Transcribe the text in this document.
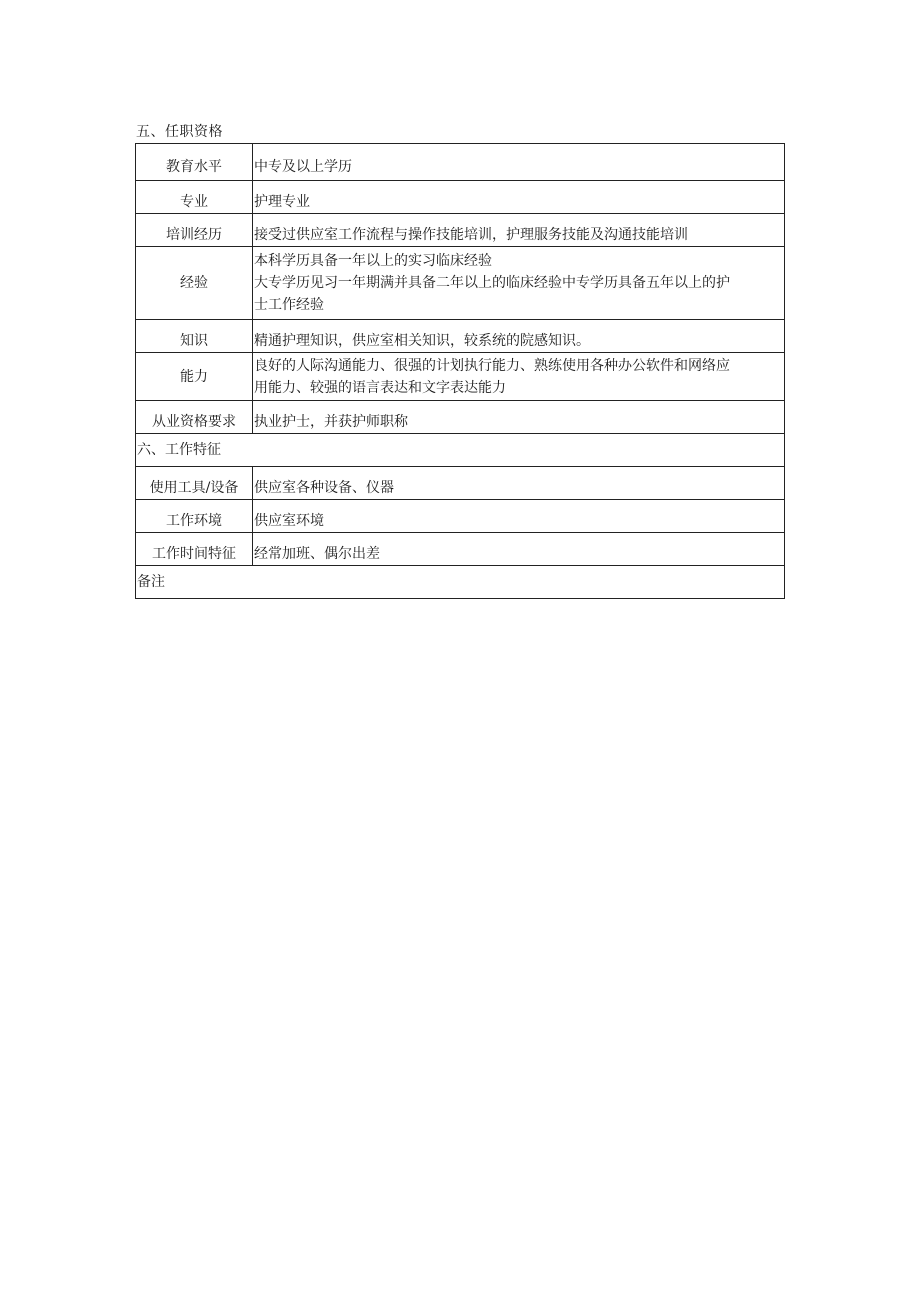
五、任职资格
教育水平	中专及以上学历
专业	护理专业
培训经历	接受过供应室工作流程与操作技能培训，护理服务技能及沟通技能培训
经验	本科学历具备一年以上的实习临床经验
大专学历见习一年期满并具备二年以上的临床经验中专学历具备五年以上的护
士工作经验

知识	精通护理知识，供应室相关知识，较系统的院感知识。
能力	良好的人际沟通能力、很强的计划执行能力、熟练使用各种办公软件和网络应
用能力、较强的语言表达和文字表达能力

从业资格要求	执业护士，并获护师职称
六、工作特征	
使用工具/设备	供应室各种设备、仪器
工作环境	供应室环境
工作时间特征	经常加班、偶尔出差
备注	
